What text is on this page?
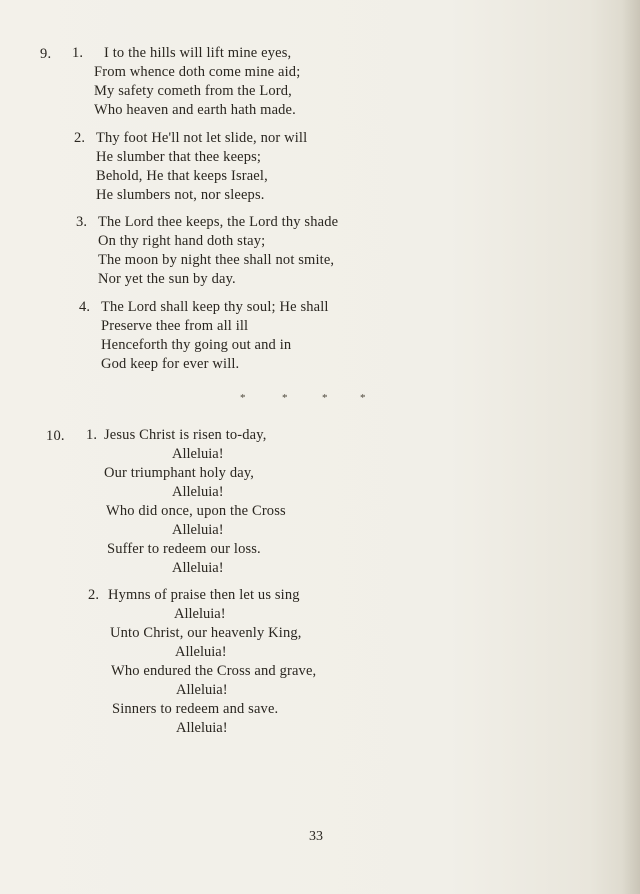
9. 1. I to the hills will lift mine eyes,
From whence doth come mine aid;
My safety cometh from the Lord,
Who heaven and earth hath made.
2. Thy foot He'll not let slide, nor will
He slumber that thee keeps;
Behold, He that keeps Israel,
He slumbers not, nor sleeps.
3. The Lord thee keeps, the Lord thy shade
On thy right hand doth stay;
The moon by night thee shall not smite,
Nor yet the sun by day.
4. The Lord shall keep thy soul; He shall
Preserve thee from all ill
Henceforth thy going out and in
God keep for ever will.
*	*	*	*
10. 1. Jesus Christ is risen to-day,
Alleluia!
Our triumphant holy day,
Alleluia!
Who did once, upon the Cross
Alleluia!
Suffer to redeem our loss.
Alleluia!
2. Hymns of praise then let us sing
Alleluia!
Unto Christ, our heavenly King,
Alleluia!
Who endured the Cross and grave,
Alleluia!
Sinners to redeem and save.
Alleluia!
33
